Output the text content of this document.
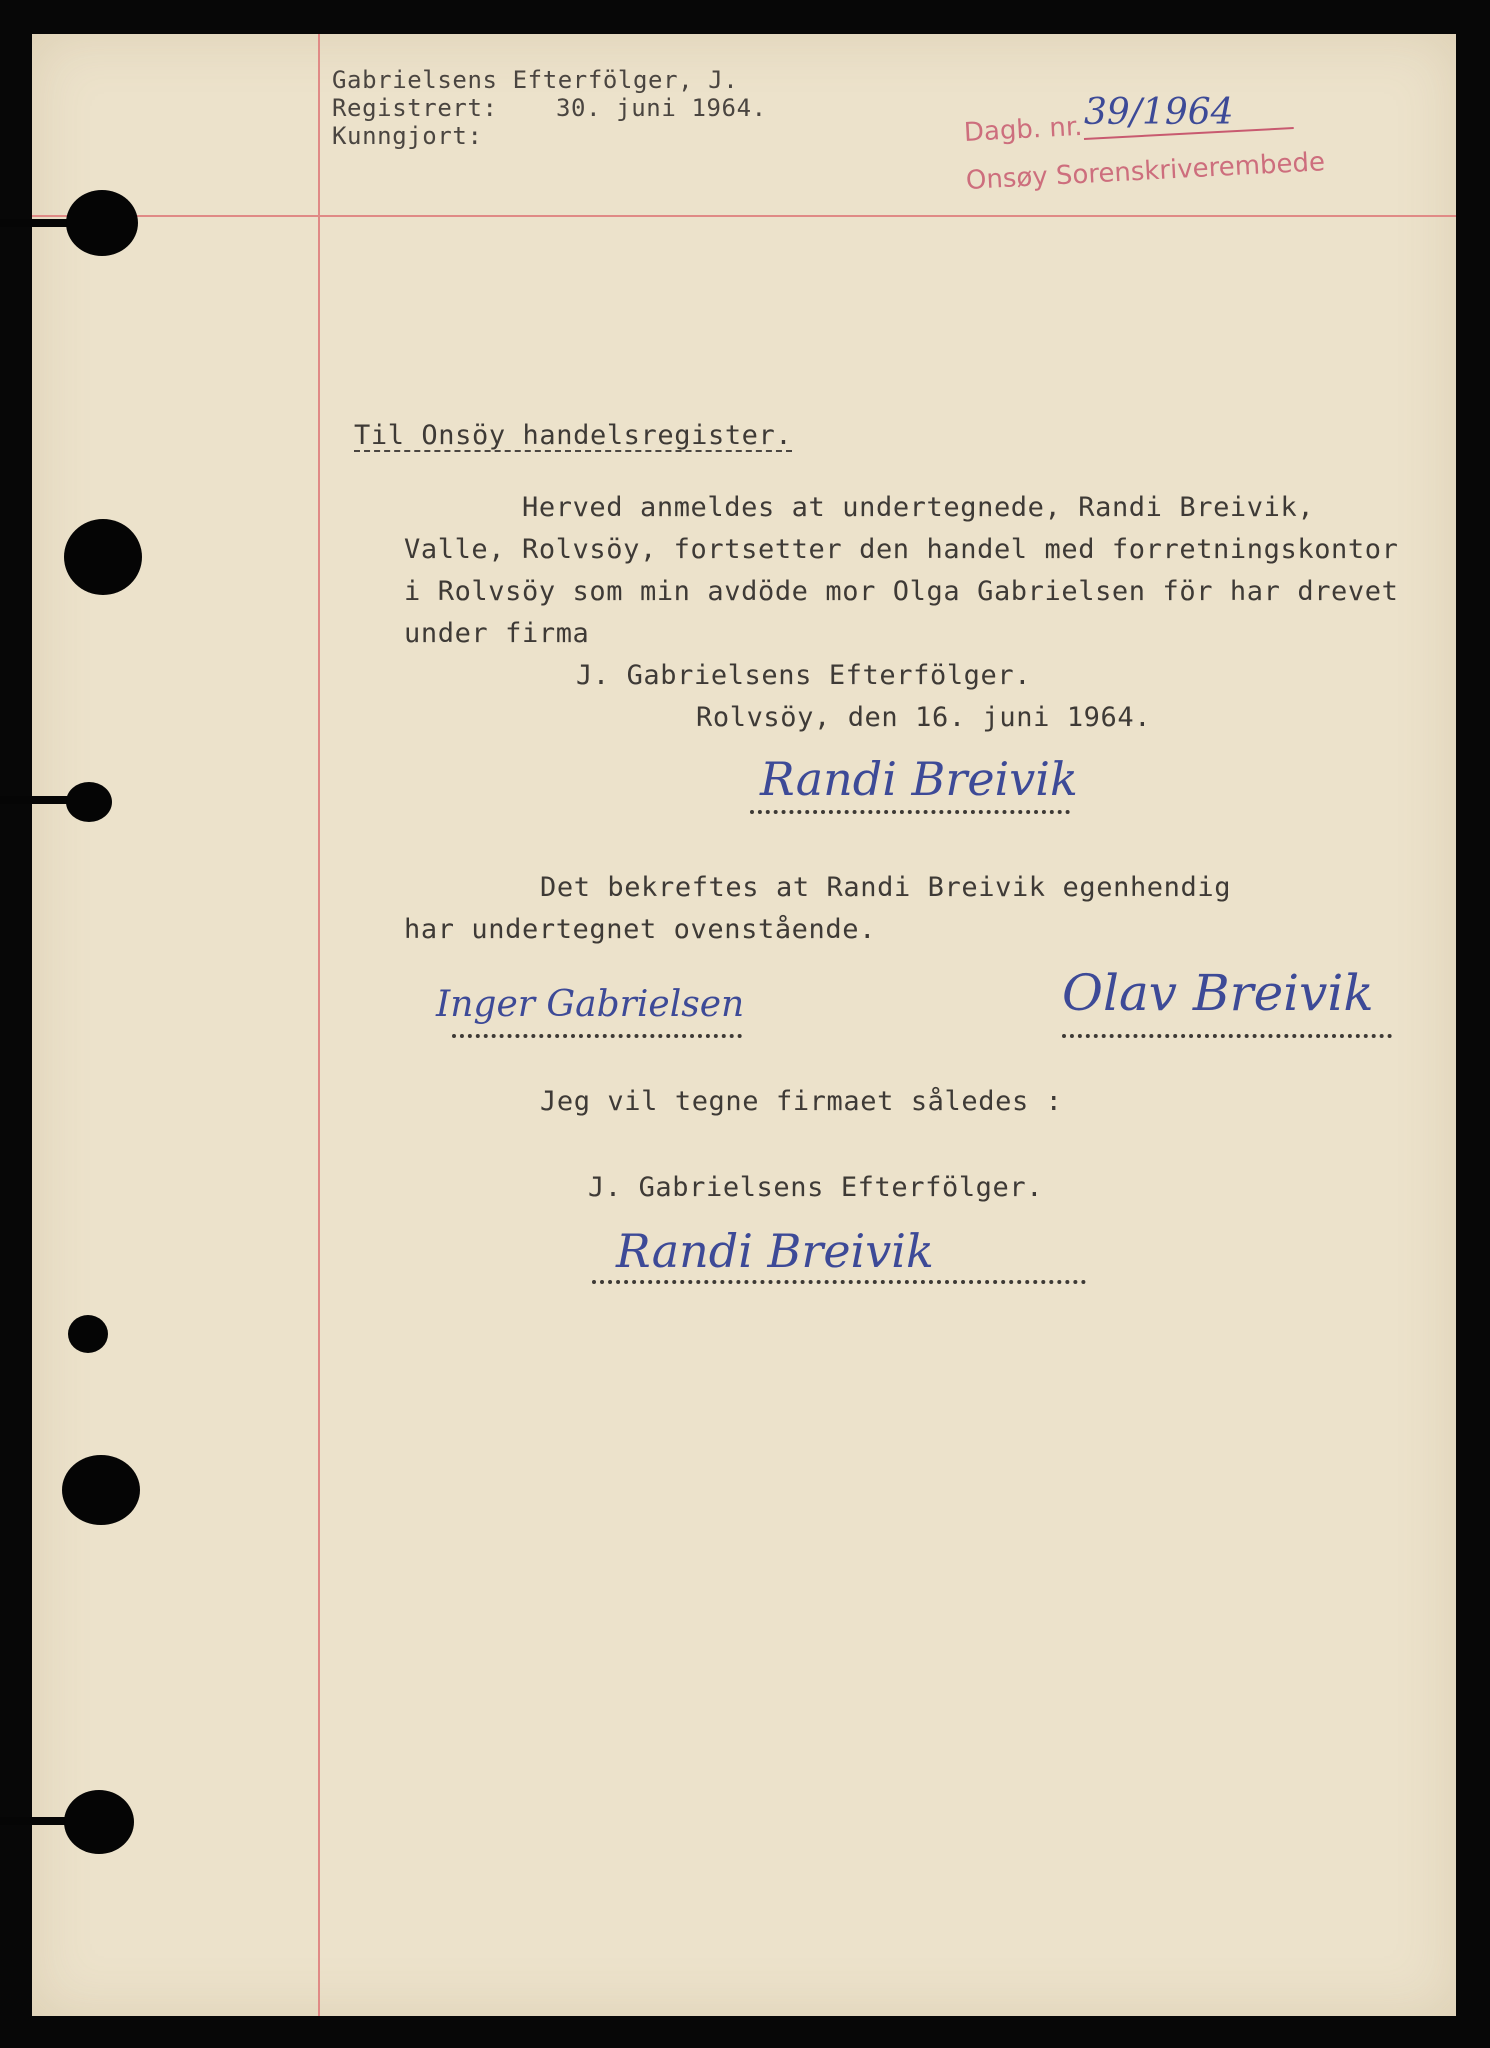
Gabrielsens Efterfölger, J.
Registrert: 30. juni 1964.
Kunngjort:	Dagb. nr. 39/1964
Onsøy Sorenskriverembede
Til Onsöy handelsregister.
Herved anmeldes at undertegnede, Randi Breivik,
Valle, Rolvsöy, fortsetter den handel med forretningskontor
i Rolvsöy som min avdöde mor Olga Gabrielsen för har drevet
under firma
J. Gabrielsens Efterfölger.
Rolvsöy, den 16. juni 1964.
Randi Breivik
Det bekreftes at Randi Breivik egenhendig
har undertegnet ovenstående.
Inger Gabrielsen	Olav Breivik
Jeg vil tegne firmaet således :
J. Gabrielsens Efterfölger.
Randi Breivik
